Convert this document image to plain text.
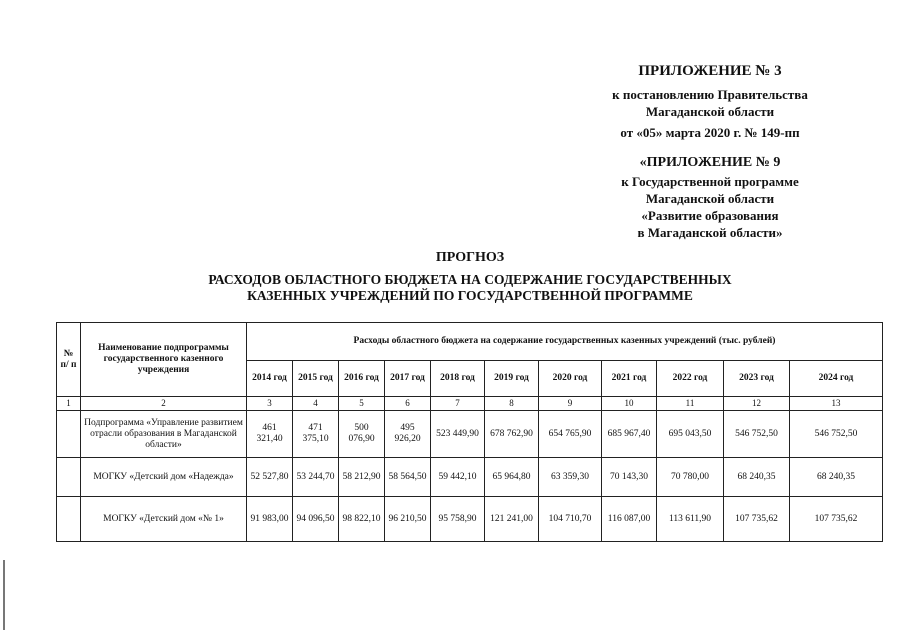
ПРИЛОЖЕНИЕ № 3
к постановлению Правительства
Магаданской области
от «05» марта 2020 г. № 149-пп
«ПРИЛОЖЕНИЕ № 9
к Государственной программе
Магаданской области
«Развитие образования
в Магаданской области»
ПРОГНОЗ
РАСХОДОВ ОБЛАСТНОГО БЮДЖЕТА НА СОДЕРЖАНИЕ ГОСУДАРСТВЕННЫХ
КАЗЕННЫХ УЧРЕЖДЕНИЙ ПО ГОСУДАРСТВЕННОЙ ПРОГРАММЕ
№ п/ п	Наименование подпрограммы государственного казенного учреждения	Расходы областного бюджета на содержание государственных казенных учреждений (тыс. рублей)										
		2014 год	2015 год	2016 год	2017 год	2018 год	2019 год	2020 год	2021 год	2022 год	2023 год	2024 год
1	2	3	4	5	6	7	8	9	10	11	12	13
	Подпрограмма «Управление развитием отрасли образования в Магаданской области»	461 321,40	471 375,10	500 076,90	495 926,20	523 449,90	678 762,90	654 765,90	685 967,40	695 043,50	546 752,50	546 752,50
	МОГКУ «Детский дом «Надежда»	52 527,80	53 244,70	58 212,90	58 564,50	59 442,10	65 964,80	63 359,30	70 143,30	70 780,00	68 240,35	68 240,35
	МОГКУ «Детский дом «№ 1»	91 983,00	94 096,50	98 822,10	96 210,50	95 758,90	121 241,00	104 710,70	116 087,00	113 611,90	107 735,62	107 735,62
